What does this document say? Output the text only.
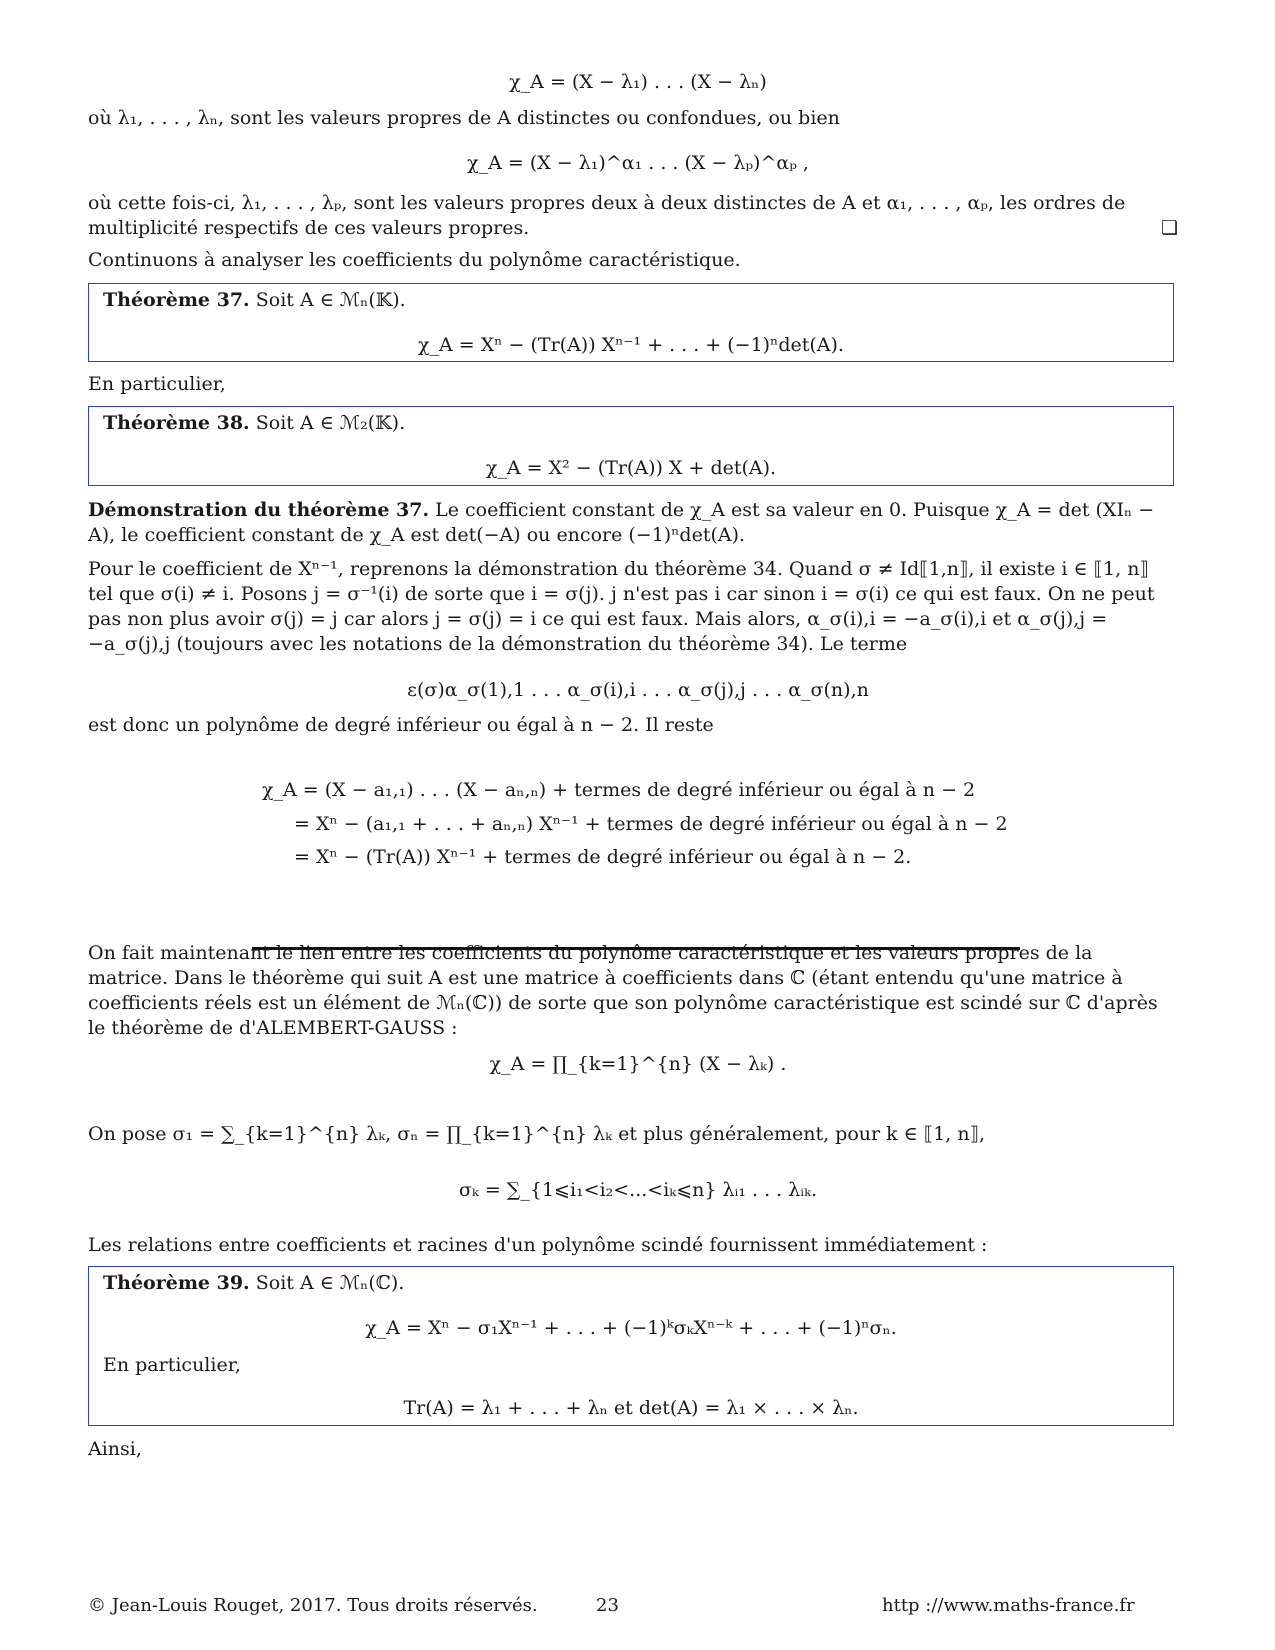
χ_A = (X − λ₁) . . . (X − λₙ)
où λ₁, . . . , λₙ, sont les valeurs propres de A distinctes ou confondues, ou bien
χ_A = (X − λ₁)^α₁ . . . (X − λₚ)^αₚ ,
où cette fois-ci, λ₁, . . . , λₚ, sont les valeurs propres deux à deux distinctes de A et α₁, . . . , αₚ, les ordres de multiplicité respectifs de ces valeurs propres.	❏
Continuons à analyser les coefficients du polynôme caractéristique.
Théorème 37. Soit A ∈ ℳₙ(𝕂).
χ_A = Xⁿ − (Tr(A)) Xⁿ⁻¹ + . . . + (−1)ⁿdet(A).
En particulier,
Théorème 38. Soit A ∈ ℳ₂(𝕂).
χ_A = X² − (Tr(A)) X + det(A).
Démonstration du théorème 37. Le coefficient constant de χ_A est sa valeur en 0. Puisque χ_A = det (XIₙ − A), le coefficient constant de χ_A est det(−A) ou encore (−1)ⁿdet(A).
Pour le coefficient de Xⁿ⁻¹, reprenons la démonstration du théorème 34. Quand σ ≠ Id⟦1,n⟧, il existe i ∈ ⟦1, n⟧ tel que σ(i) ≠ i. Posons j = σ⁻¹(i) de sorte que i = σ(j). j n'est pas i car sinon i = σ(i) ce qui est faux. On ne peut pas non plus avoir σ(j) = j car alors j = σ(j) = i ce qui est faux. Mais alors, α_σ(i),i = −a_σ(i),i et α_σ(j),j = −a_σ(j),j (toujours avec les notations de la démonstration du théorème 34). Le terme
ε(σ)α_σ(1),1 . . . α_σ(i),i . . . α_σ(j),j . . . α_σ(n),n
est donc un polynôme de degré inférieur ou égal à n − 2. Il reste
χ_A = (X − a₁,₁) . . . (X − aₙ,ₙ) + termes de degré inférieur ou égal à n − 2
= Xⁿ − (a₁,₁ + . . . + aₙ,ₙ) Xⁿ⁻¹ + termes de degré inférieur ou égal à n − 2
= Xⁿ − (Tr(A)) Xⁿ⁻¹ + termes de degré inférieur ou égal à n − 2.
On fait maintenant le lien entre les coefficients du polynôme caractéristique et les valeurs propres de la matrice. Dans le théorème qui suit A est une matrice à coefficients dans ℂ (étant entendu qu'une matrice à coefficients réels est un élément de ℳₙ(ℂ)) de sorte que son polynôme caractéristique est scindé sur ℂ d'après le théorème de d'ALEMBERT-GAUSS :
χ_A = ∏_{k=1}^{n} (X − λₖ) .
On pose σ₁ = ∑_{k=1}^{n} λₖ, σₙ = ∏_{k=1}^{n} λₖ et plus généralement, pour k ∈ ⟦1, n⟧,
σₖ = ∑_{1⩽i₁<i₂<...<iₖ⩽n} λᵢ₁ . . . λᵢₖ.
Les relations entre coefficients et racines d'un polynôme scindé fournissent immédiatement :
Théorème 39. Soit A ∈ ℳₙ(ℂ).
χ_A = Xⁿ − σ₁Xⁿ⁻¹ + . . . + (−1)ᵏσₖXⁿ⁻ᵏ + . . . + (−1)ⁿσₙ.
En particulier,
Tr(A) = λ₁ + . . . + λₙ et det(A) = λ₁ × . . . × λₙ.
Ainsi,
© Jean-Louis Rouget, 2017. Tous droits réservés.	23	http ://www.maths-france.fr
